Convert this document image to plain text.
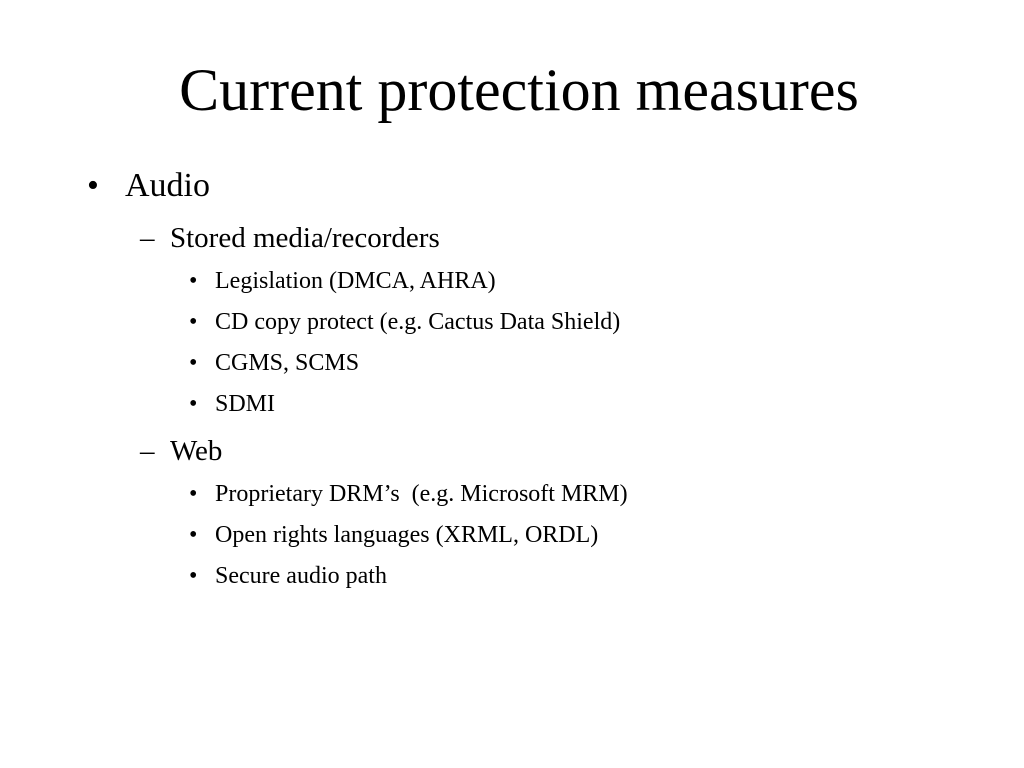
Current protection measures
• Audio
– Stored media/recorders
• Legislation (DMCA, AHRA)
• CD copy protect (e.g. Cactus Data Shield)
• CGMS, SCMS
• SDMI
– Web
• Proprietary DRM’s  (e.g. Microsoft MRM)
• Open rights languages (XRML, ORDL)
• Secure audio path
